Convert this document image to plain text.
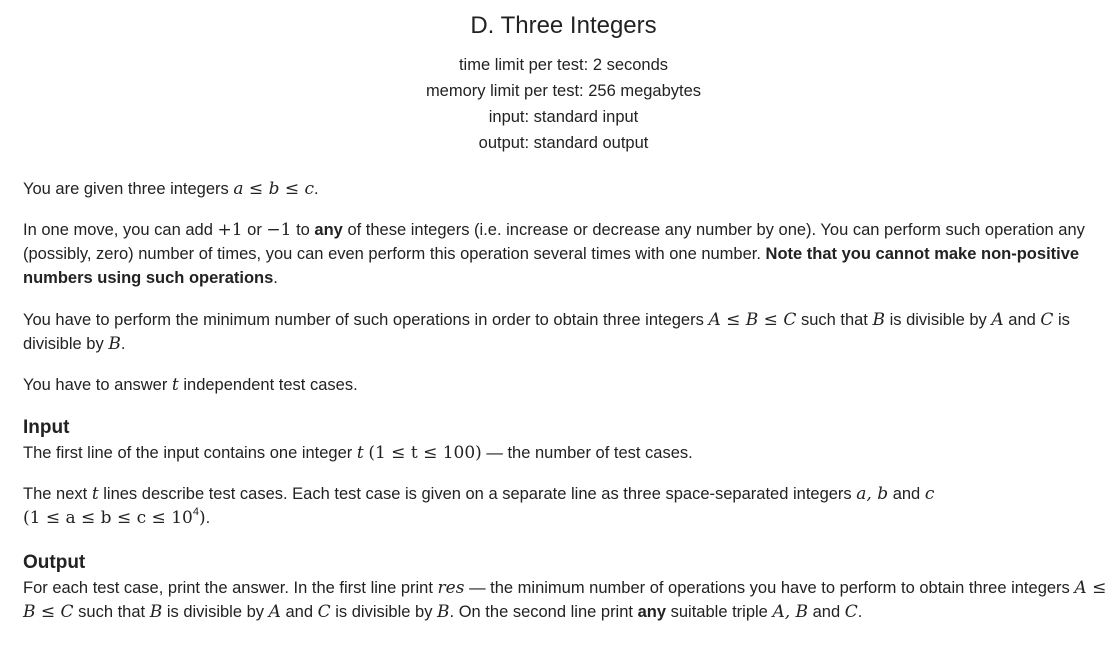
D. Three Integers
time limit per test: 2 seconds
memory limit per test: 256 megabytes
input: standard input
output: standard output

You are given three integers a ≤ b ≤ c.

In one move, you can add +1 or −1 to any of these integers (i.e. increase or decrease any number by one). You can perform such operation any (possibly, zero) number of times, you can even perform this operation several times with one number. Note that you cannot make non-positive numbers using such operations.

You have to perform the minimum number of such operations in order to obtain three integers A ≤ B ≤ C such that B is divisible by A and C is divisible by B.

You have to answer t independent test cases.

Input

The first line of the input contains one integer t (1 ≤ t ≤ 100) — the number of test cases.

The next t lines describe test cases. Each test case is given on a separate line as three space-separated integers a, b and c
$(1 \le a \le b \le c \le 10^4)$.

Output

For each test case, print the answer. In the first line print res — the minimum number of operations you have to perform to obtain three integers A ≤ B ≤ C such that B is divisible by A and C is divisible by B. On the second line print any suitable triple A, B and C.
